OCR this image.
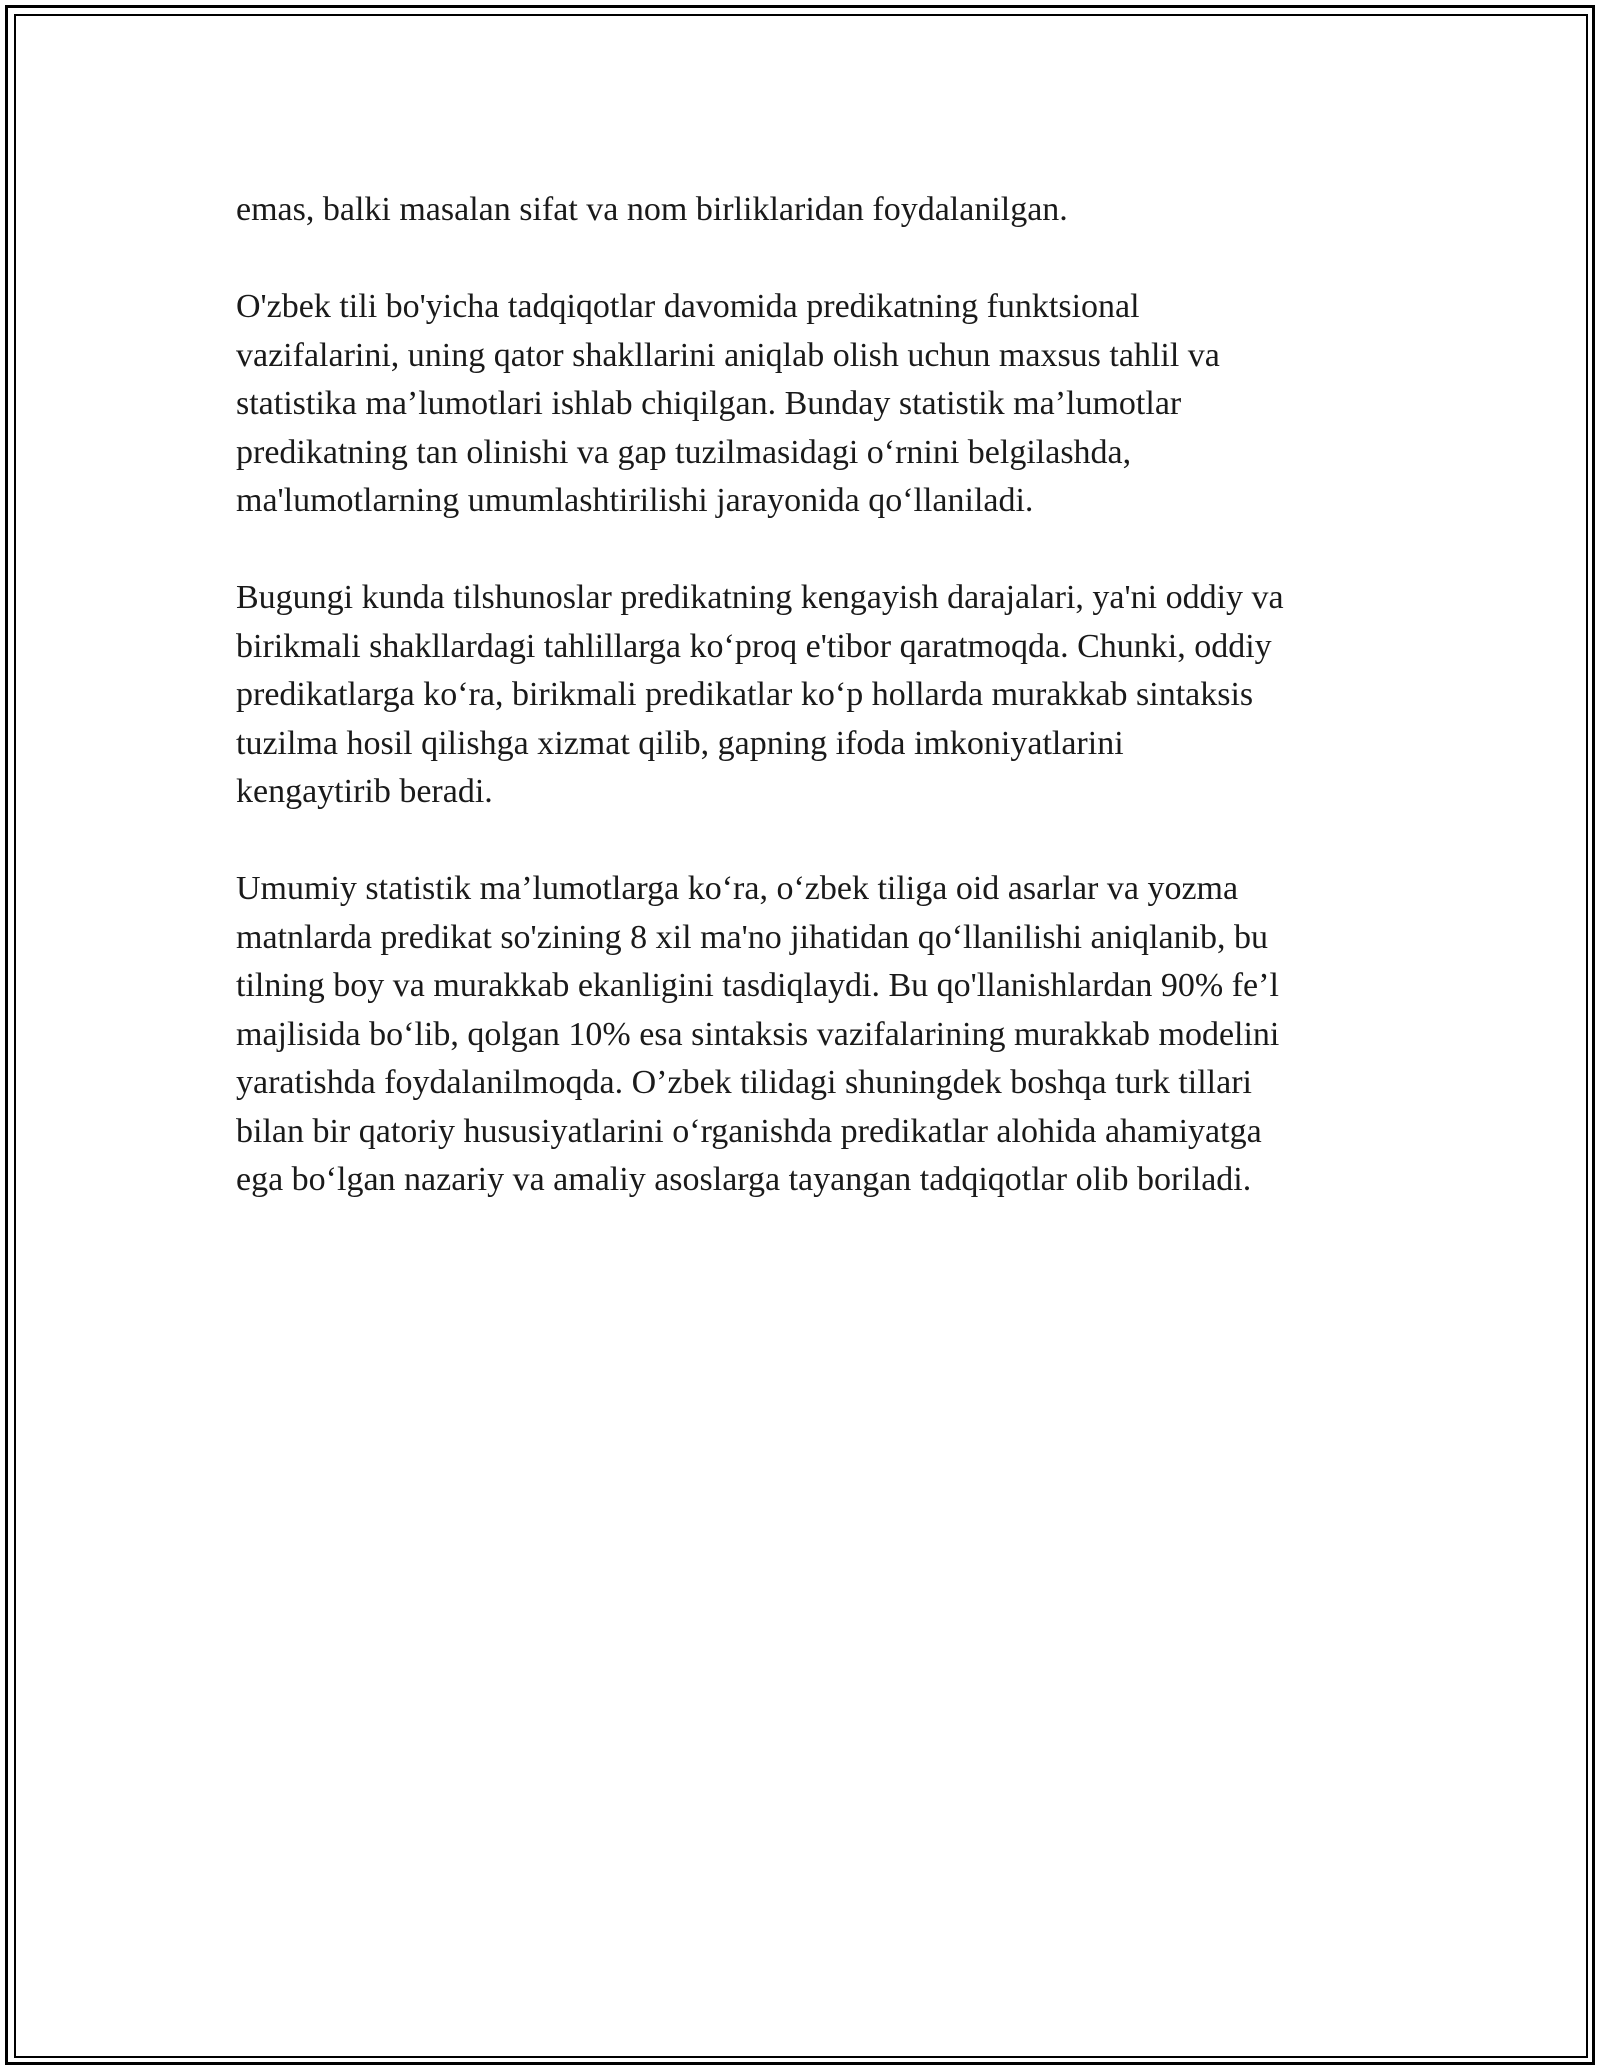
emas, balki masalan sifat va nom birliklaridan foydalanilgan.

O'zbek tili bo'yicha tadqiqotlar davomida predikatning funktsional
vazifalarini, uning qator shakllarini aniqlab olish uchun maxsus tahlil va
statistika ma’lumotlari ishlab chiqilgan. Bunday statistik ma’lumotlar
predikatning tan olinishi va gap tuzilmasidagi o‘rnini belgilashda,
ma'lumotlarning umumlashtirilishi jarayonida qo‘llaniladi.

Bugungi kunda tilshunoslar predikatning kengayish darajalari, ya'ni oddiy va
birikmali shakllardagi tahlillarga ko‘proq e'tibor qaratmoqda. Chunki, oddiy
predikatlarga ko‘ra, birikmali predikatlar ko‘p hollarda murakkab sintaksis
tuzilma hosil qilishga xizmat qilib, gapning ifoda imkoniyatlarini
kengaytirib beradi.

Umumiy statistik ma’lumotlarga ko‘ra, o‘zbek tiliga oid asarlar va yozma
matnlarda predikat so'zining 8 xil ma'no jihatidan qo‘llanilishi aniqlanib, bu
tilning boy va murakkab ekanligini tasdiqlaydi. Bu qo'llanishlardan 90% fe’l
majlisida bo‘lib, qolgan 10% esa sintaksis vazifalarining murakkab modelini
yaratishda foydalanilmoqda. O’zbek tilidagi shuningdek boshqa turk tillari
bilan bir qatoriy hususiyatlarini o‘rganishda predikatlar alohida ahamiyatga
ega bo‘lgan nazariy va amaliy asoslarga tayangan tadqiqotlar olib boriladi.
